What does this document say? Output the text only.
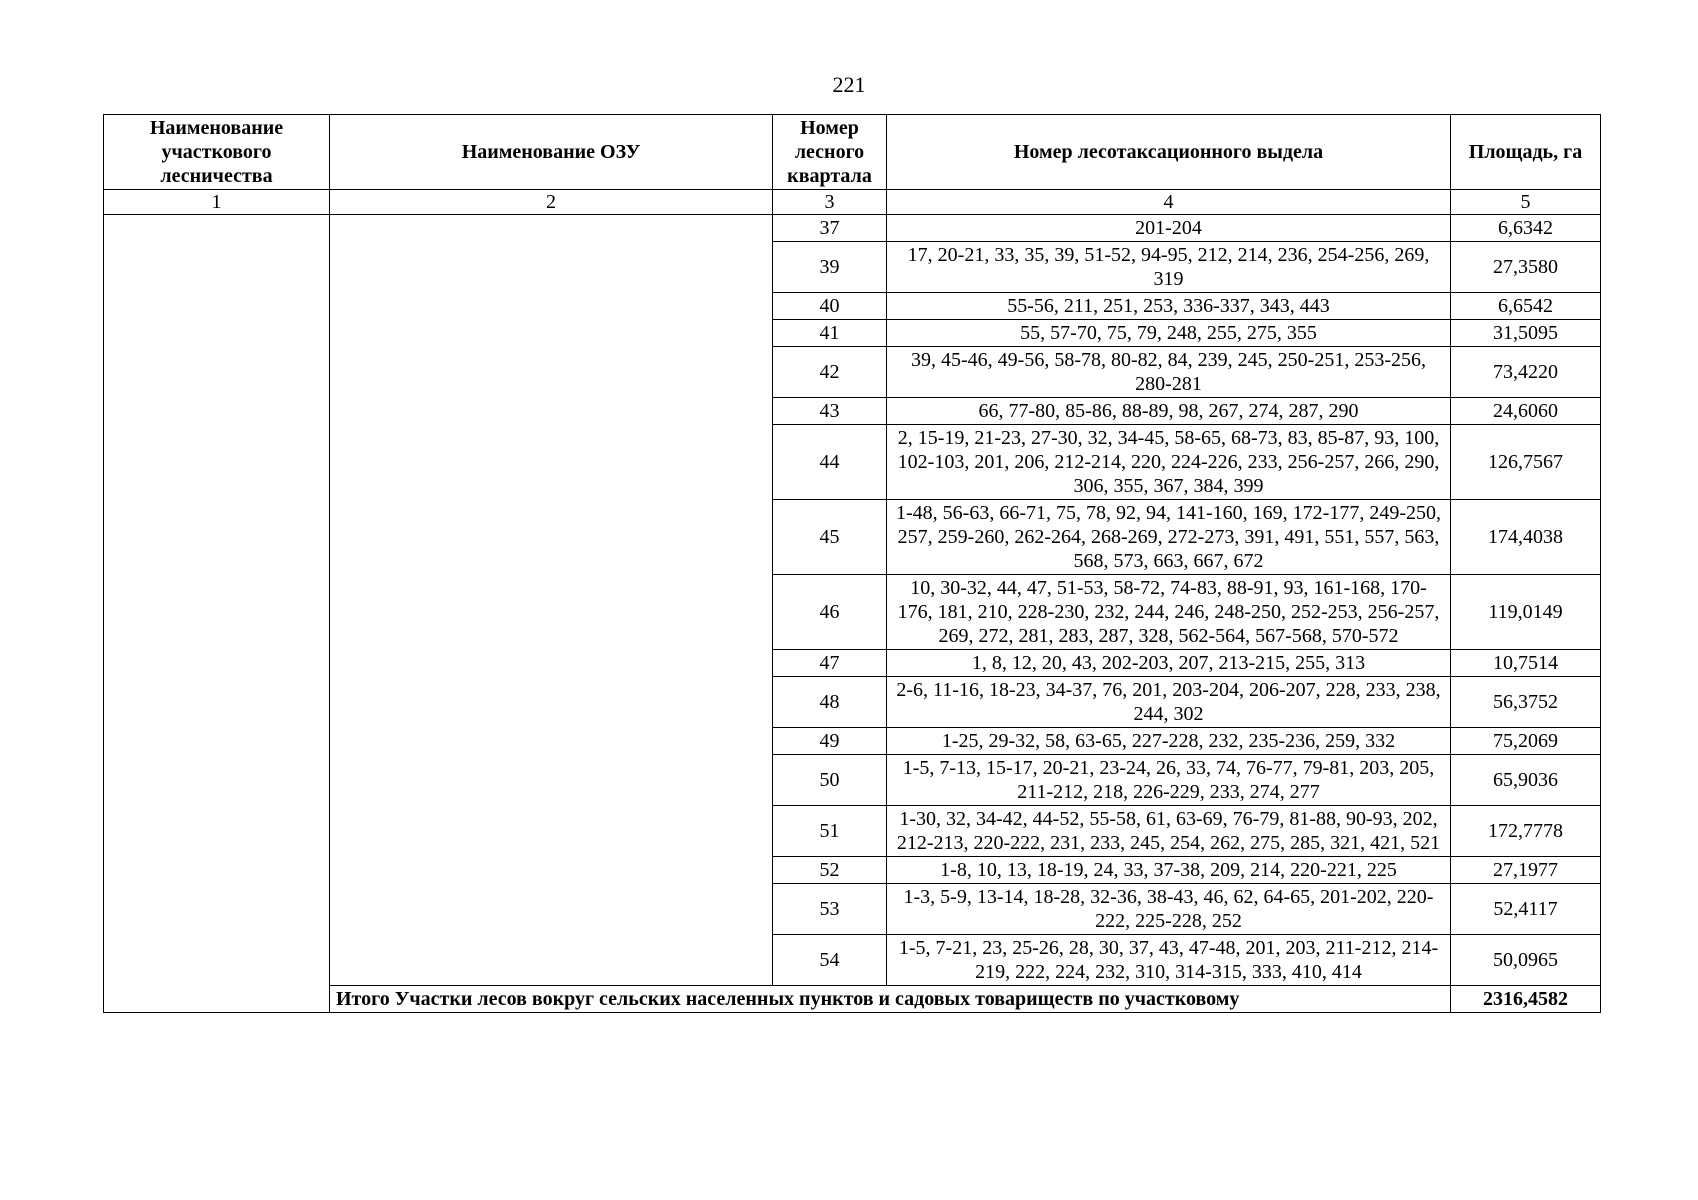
221
Наименование участкового лесничества	Наименование ОЗУ	Номер лесного квартала	Номер лесотаксационного выдела	Площадь, га
1	2	3	4	5
		37	201-204	6,6342
		39	17, 20-21, 33, 35, 39, 51-52, 94-95, 212, 214, 236, 254-256, 269, 319	27,3580
		40	55-56, 211, 251, 253, 336-337, 343, 443	6,6542
		41	55, 57-70, 75, 79, 248, 255, 275, 355	31,5095
		42	39, 45-46, 49-56, 58-78, 80-82, 84, 239, 245, 250-251, 253-256, 280-281	73,4220
		43	66, 77-80, 85-86, 88-89, 98, 267, 274, 287, 290	24,6060
		44	2, 15-19, 21-23, 27-30, 32, 34-45, 58-65, 68-73, 83, 85-87, 93, 100, 102-103, 201, 206, 212-214, 220, 224-226, 233, 256-257, 266, 290, 306, 355, 367, 384, 399	126,7567
		45	1-48, 56-63, 66-71, 75, 78, 92, 94, 141-160, 169, 172-177, 249-250, 257, 259-260, 262-264, 268-269, 272-273, 391, 491, 551, 557, 563, 568, 573, 663, 667, 672	174,4038
		46	10, 30-32, 44, 47, 51-53, 58-72, 74-83, 88-91, 93, 161-168, 170-176, 181, 210, 228-230, 232, 244, 246, 248-250, 252-253, 256-257, 269, 272, 281, 283, 287, 328, 562-564, 567-568, 570-572	119,0149
		47	1, 8, 12, 20, 43, 202-203, 207, 213-215, 255, 313	10,7514
		48	2-6, 11-16, 18-23, 34-37, 76, 201, 203-204, 206-207, 228, 233, 238, 244, 302	56,3752
		49	1-25, 29-32, 58, 63-65, 227-228, 232, 235-236, 259, 332	75,2069
		50	1-5, 7-13, 15-17, 20-21, 23-24, 26, 33, 74, 76-77, 79-81, 203, 205, 211-212, 218, 226-229, 233, 274, 277	65,9036
		51	1-30, 32, 34-42, 44-52, 55-58, 61, 63-69, 76-79, 81-88, 90-93, 202, 212-213, 220-222, 231, 233, 245, 254, 262, 275, 285, 321, 421, 521	172,7778
		52	1-8, 10, 13, 18-19, 24, 33, 37-38, 209, 214, 220-221, 225	27,1977
		53	1-3, 5-9, 13-14, 18-28, 32-36, 38-43, 46, 62, 64-65, 201-202, 220-222, 225-228, 252	52,4117
		54	1-5, 7-21, 23, 25-26, 28, 30, 37, 43, 47-48, 201, 203, 211-212, 214-219, 222, 224, 232, 310, 314-315, 333, 410, 414	50,0965
	Итого Участки лесов вокруг сельских населенных пунктов и садовых товариществ по участковому			2316,4582
